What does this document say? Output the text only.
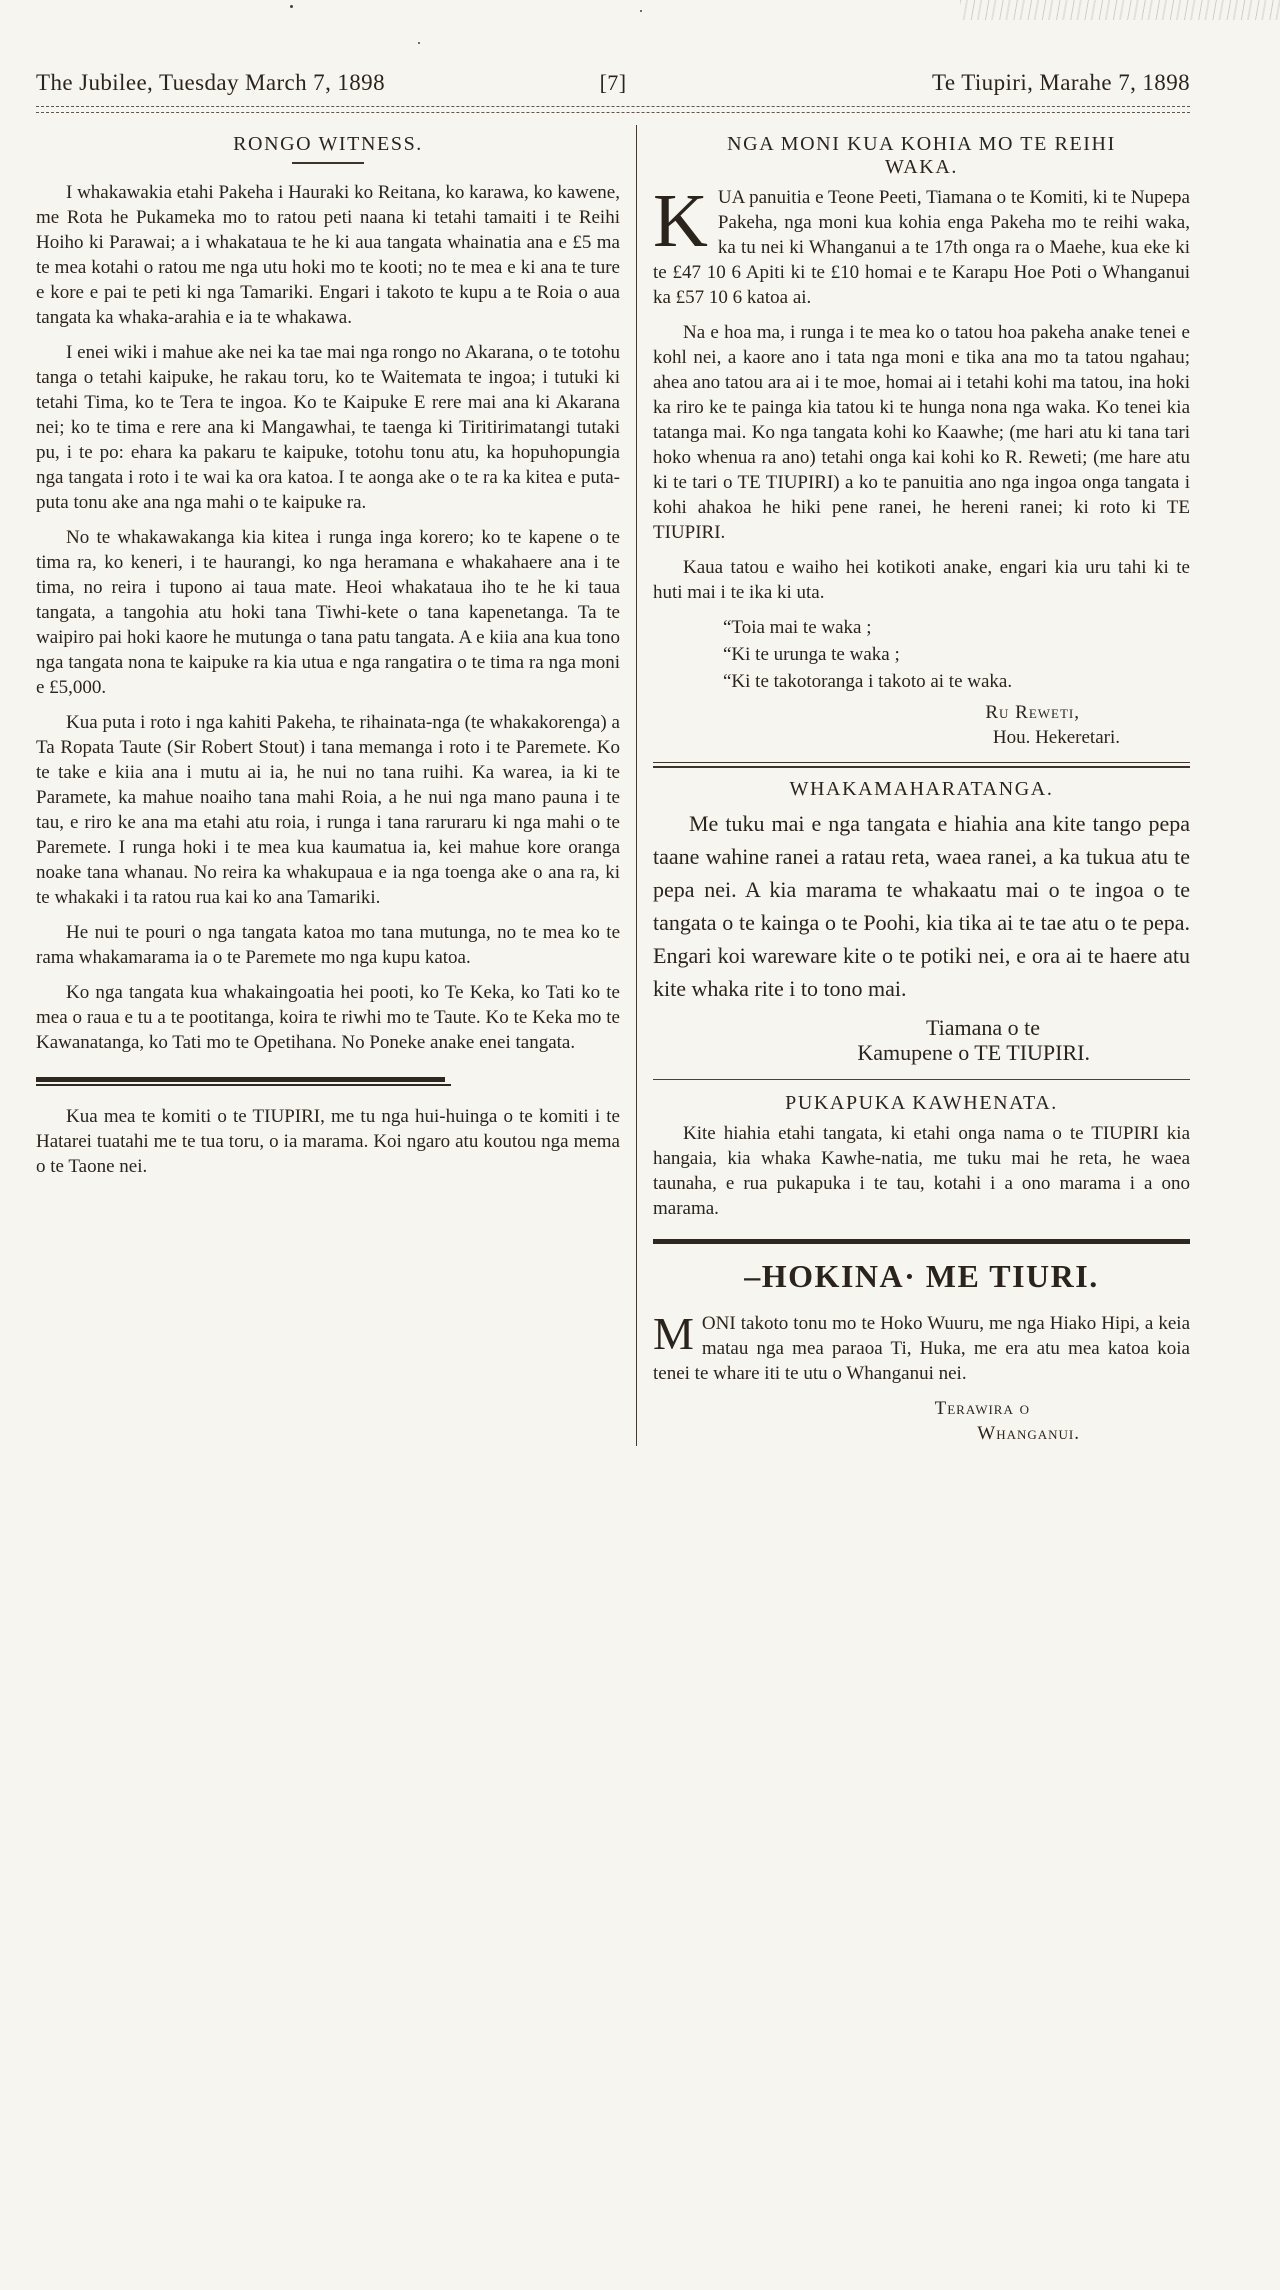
The Jubilee, Tuesday March 7, 1898	[7]	Te Tiupiri, Marahe 7, 1898
RONGO WITNESS.

I whakawakia etahi Pakeha i Hauraki ko Reitana, ko karawa, ko kawene, me Rota he Pukameka mo to ratou peti naana ki tetahi tamaiti i te Reihi Hoiho ki Parawai; a i whakataua te he ki aua tangata whainatia ana e £5 ma te mea kotahi o ratou me nga utu hoki mo te kooti; no te mea e ki ana te ture e kore e pai te peti ki nga Tamariki. Engari i takoto te kupu a te Roia o aua tangata ka whaka-arahia e ia te whakawa.

I enei wiki i mahue ake nei ka tae mai nga rongo no Akarana, o te totohu tanga o tetahi kaipuke, he rakau toru, ko te Waitemata te ingoa; i tutuki ki tetahi Tima, ko te Tera te ingoa. Ko te Kaipuke E rere mai ana ki Akarana nei; ko te tima e rere ana ki Mangawhai, te taenga ki Tiritirimatangi tutaki pu, i te po: ehara ka pakaru te kaipuke, totohu tonu atu, ka hopuhopungia nga tangata i roto i te wai ka ora katoa. I te aonga ake o te ra ka kitea e puta-puta tonu ake ana nga mahi o te kaipuke ra.

No te whakawakanga kia kitea i runga inga korero; ko te kapene o te tima ra, ko keneri, i te haurangi, ko nga heramana e whakahaere ana i te tima, no reira i tupono ai taua mate. Heoi whakataua iho te he ki taua tangata, a tangohia atu hoki tana Tiwhi-kete o tana kapenetanga. Ta te waipiro pai hoki kaore he mutunga o tana patu tangata. A e kiia ana kua tono nga tangata nona te kaipuke ra kia utua e nga rangatira o te tima ra nga moni e £5,000.

Kua puta i roto i nga kahiti Pakeha, te rihainata-nga (te whakakorenga) a Ta Ropata Taute (Sir Robert Stout) i tana memanga i roto i te Paremete. Ko te take e kiia ana i mutu ai ia, he nui no tana ruihi. Ka warea, ia ki te Paramete, ka mahue noaiho tana mahi Roia, a he nui nga mano pauna i te tau, e riro ke ana ma etahi atu roia, i runga i tana raruraru ki nga mahi o te Paremete. I runga hoki i te mea kua kaumatua ia, kei mahue kore oranga noake tana whanau. No reira ka whakupaua e ia nga toenga ake o ana ra, ki te whakaki i ta ratou rua kai ko ana Tamariki.

He nui te pouri o nga tangata katoa mo tana mutunga, no te mea ko te rama whakamarama ia o te Paremete mo nga kupu katoa.

Ko nga tangata kua whakaingoatia hei pooti, ko Te Keka, ko Tati ko te mea o raua e tu a te pootitanga, koira te riwhi mo te Taute. Ko te Keka mo te Kawanatanga, ko Tati mo te Opetihana. No Poneke anake enei tangata.

Kua mea te komiti o te TIUPIRI, me tu nga hui-huinga o te komiti i te Hatarei tuatahi me te tua toru, o ia marama. Koi ngaro atu koutou nga mema o te Taone nei.

NGA MONI KUA KOHIA MO TE REIHI WAKA.

KUA panuitia e Teone Peeti, Tiamana o te Komiti, ki te Nupepa Pakeha, nga moni kua kohia enga Pakeha mo te reihi waka, ka tu nei ki Whanganui a te 17th onga ra o Maehe, kua eke ki te £47 10 6 Apiti ki te £10 homai e te Karapu Hoe Poti o Whanganui ka £57 10 6 katoa ai.

Na e hoa ma, i runga i te mea ko o tatou hoa pakeha anake tenei e kohl nei, a kaore ano i tata nga moni e tika ana mo ta tatou ngahau; ahea ano tatou ara ai i te moe, homai ai i tetahi kohi ma tatou, ina hoki ka riro ke te painga kia tatou ki te hunga nona nga waka. Ko tenei kia tatanga mai. Ko nga tangata kohi ko Kaawhe; (me hari atu ki tana tari hoko whenua ra ano) tetahi onga kai kohi ko R. Reweti; (me hare atu ki te tari o TE TIUPIRI) a ko te panuitia ano nga ingoa onga tangata i kohi ahakoa he hiki pene ranei, he hereni ranei; ki roto ki TE TIUPIRI.

Kaua tatou e waiho hei kotikoti anake, engari kia uru tahi ki te huti mai i te ika ki uta.

“Toia mai te waka ;

“Ki te urunga te waka ;

“Ki te takotoranga i takoto ai te waka.

Ru Reweti,

Hou. Hekeretari.

WHAKAMAHARATANGA.

Me tuku mai e nga tangata e hiahia ana kite tango pepa taane wahine ranei a ratau reta, waea ranei, a ka tukua atu te pepa nei. A kia marama te whakaatu mai o te ingoa o te tangata o te kainga o te Poohi, kia tika ai te tae atu o te pepa. Engari koi wareware kite o te potiki nei, e ora ai te haere atu kite whaka rite i to tono mai.

Tiamana o te

Kamupene o TE TIUPIRI.

PUKAPUKA KAWHENATA.

Kite hiahia etahi tangata, ki etahi onga nama o te TIUPIRI kia hangaia, kia whaka Kawhe-natia, me tuku mai he reta, he waea taunaha, e rua pukapuka i te tau, kotahi i a ono marama i a ono marama.

–HOKINA· ME TIURI.

MONI takoto tonu mo te Hoko Wuuru, me nga Hiako Hipi, a keia matau nga mea paraoa Ti, Huka, me era atu mea katoa koia tenei te whare iti te utu o Whanganui nei.

Terawira o

Whanganui.
